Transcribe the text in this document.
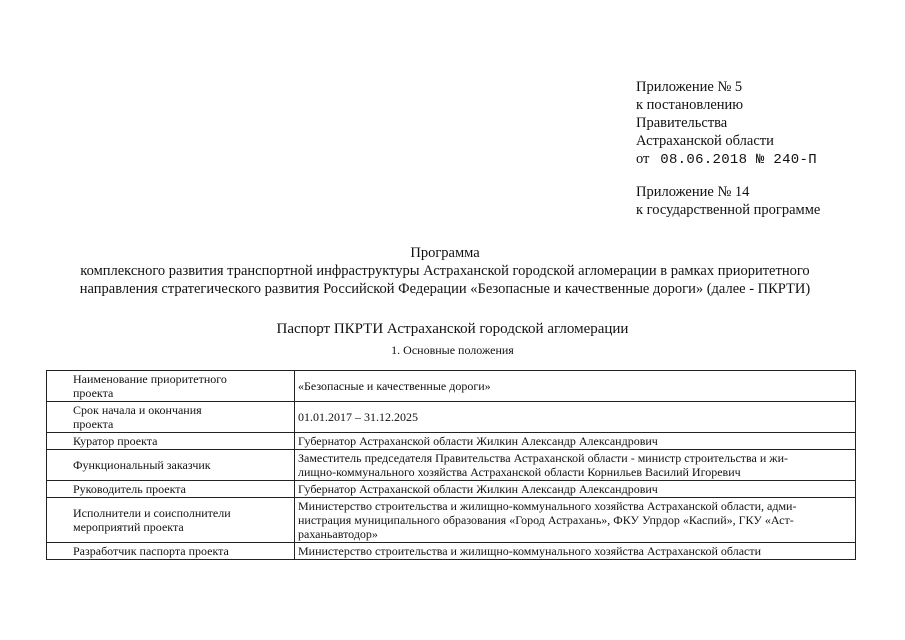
Приложение № 5
к постановлению
Правительства
Астраханской области
от 08.06.2018 № 240-П
Приложение № 14
к государственной программе
Программа
комплексного развития транспортной инфраструктуры Астраханской городской агломерации в рамках приоритетного
направления стратегического развития Российской Федерации «Безопасные и качественные дороги» (далее - ПКРТИ)
Паспорт ПКРТИ Астраханской городской агломерации
1. Основные положения
Наименование приоритетного
проекта	«Безопасные и качественные дороги»

Срок начала и окончания
проекта	01.01.2017 – 31.12.2025

Куратор проекта	Губернатор Астраханской области Жилкин Александр Александрович

Функциональный заказчик	Заместитель председателя Правительства Астраханской области - министр строительства и жи-
лищно-коммунального хозяйства Астраханской области Корнильев Василий Игоревич

Руководитель проекта	Губернатор Астраханской области Жилкин Александр Александрович

Исполнители и соисполнители
мероприятий проекта	Министерство строительства и жилищно-коммунального хозяйства Астраханской области, адми-
нистрация муниципального образования «Город Астрахань», ФКУ Упрдор «Каспий», ГКУ «Аст-
раханьавтодор»

Разработчик паспорта проекта	Министерство строительства и жилищно-коммунального хозяйства Астраханской области
